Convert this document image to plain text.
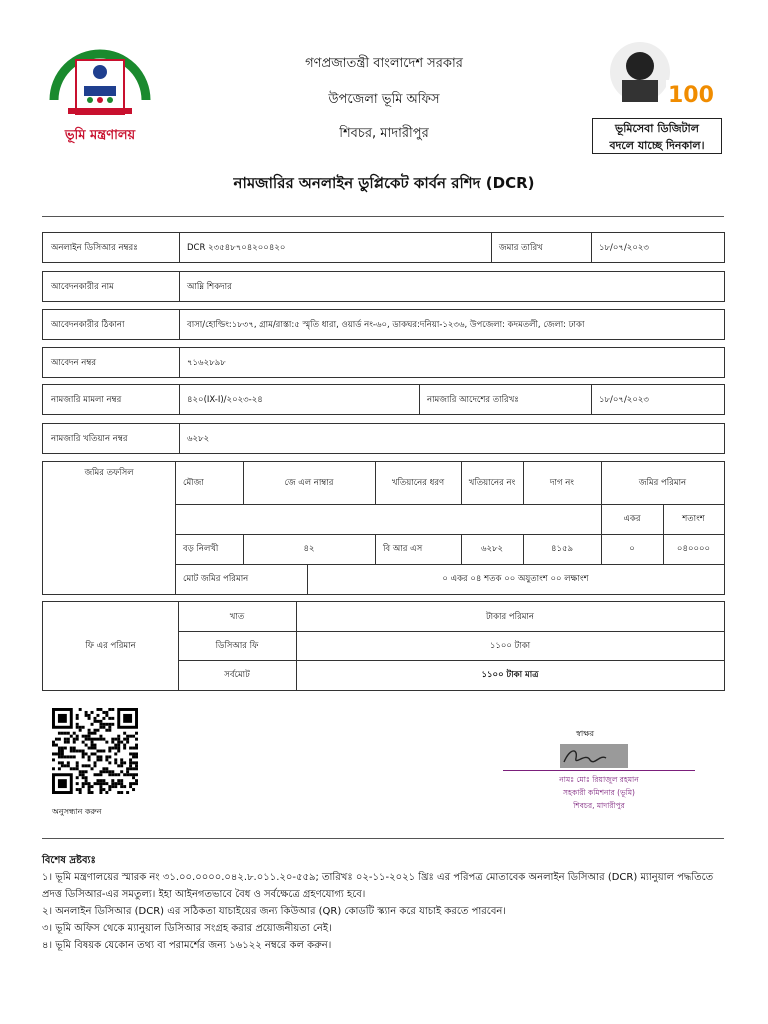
ভূমি মন্ত্রণালয়
গণপ্রজাতন্ত্রী বাংলাদেশ সরকার
উপজেলা ভূমি অফিস
শিবচর, মাদারীপুর
100
ভূমিসেবা ডিজিটাল
বদলে যাচ্ছে দিনকাল।
নামজারির অনলাইন ডুপ্লিকেট কার্বন রশিদ (DCR)
অনলাইন ডিসিআর নম্বরঃ	DCR ২৩৫৪৮৭০৪২০০৪২০	জমার তারিখ	১৮/০৭/২০২৩
আবেদনকারীর নাম	আম্নি শিকদার
আবেদনকারীর ঠিকানা	বাসা/হোল্ডিং:১৮৩৭, গ্রাম/রাস্তা:৫ স্মৃতি ধারা, ওয়ার্ড নং-৬০, ডাকঘর:দনিয়া-১২৩৬, উপজেলা: কদমতলী, জেলা: ঢাকা
আবেদন নম্বর	৭১৬২৮৯৮
নামজারি মামলা নম্বর	৪২০(IX-I)/২০২৩-২৪	নামজারি আদেশের তারিখঃ	১৮/০৭/২০২৩
নামজারি খতিয়ান নম্বর	৬২৮২
জমির তফসিল
মৌজা	জে এল নাম্বার	খতিয়ানের ধরণ	খতিয়ানের নং	দাগ নং	জমির পরিমান
একর	শতাংশ
বড় নিলখী	৪২	বি আর এস	৬২৮২	৪১৫৯	০	০৪০০০০
মোট জমির পরিমান	০ একর ০৪ শতক ০০ অযুতাংশ ০০ লক্ষাংশ
ফি এর পরিমান
খাত	টাকার পরিমান
ডিসিআর ফি	১১০০ টাকা
সর্বমোট	১১০০ টাকা মাত্র
অনুসন্ধান করুন
স্বাক্ষর
নামঃ মোঃ রিয়াজুল রহমান
সহকারী কমিশনার (ভূমি)
শিবচর, মাদারীপুর
বিশেষ দ্রষ্টব্যঃ
১। ভূমি মন্ত্রণালয়ের স্মারক নং ৩১.০০.০০০০.০৪২.৮.০১১.২০-৫৫৯; তারিখঃ ০২-১১-২০২১ খ্রিঃ এর পরিপত্র মোতাবেক অনলাইন ডিসিআর (DCR) ম্যানুয়াল পদ্ধতিতে
প্রদত্ত ডিসিআর-এর সমতুল্য। ইহা আইনগতভাবে বৈধ ও সর্বক্ষেত্রে গ্রহণযোগ্য হবে।
২। অনলাইন ডিসিআর (DCR) এর সঠিকতা যাচাইয়ের জন্য কিউআর (QR) কোডটি স্ক্যান করে যাচাই করতে পারবেন।
৩। ভূমি অফিস থেকে ম্যানুয়াল ডিসিআর সংগ্রহ করার প্রয়োজনীয়তা নেই।
৪। ভূমি বিষয়ক যেকোন তথ্য বা পরামর্শের জন্য ১৬১২২ নম্বরে কল করুন।
